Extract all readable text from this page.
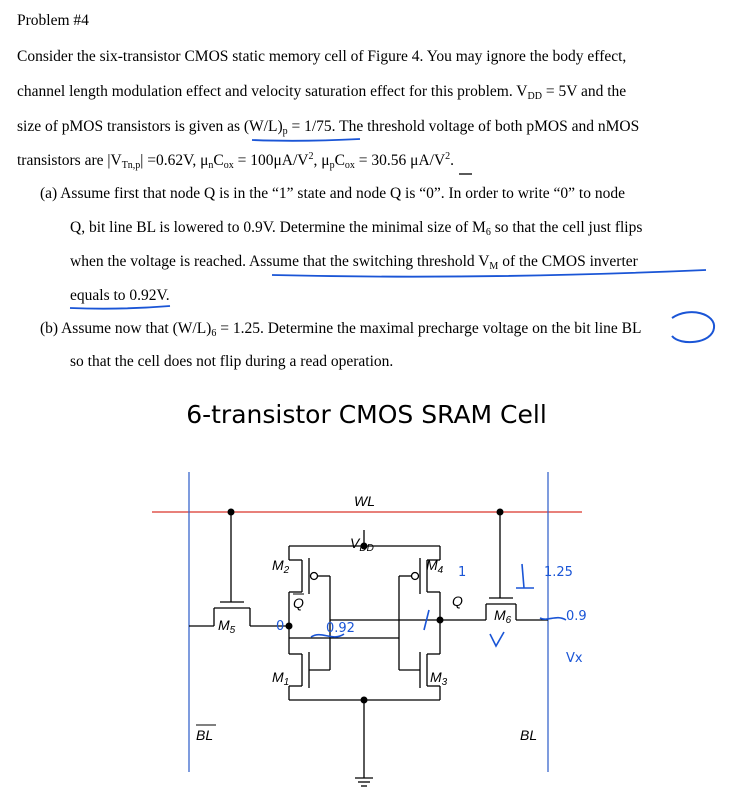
Problem #4
Consider the six-transistor CMOS static memory cell of Figure 4. You may ignore the body effect,
channel length modulation effect and velocity saturation effect for this problem. $V_{DD} = 5V$ and the
size of pMOS transistors is given as $(W/L)_p = 1/75$. The threshold voltage of both pMOS and nMOS
transistors are $|V_{Tn,p}| =0.62V$, $\mu_nC_{ox} = 100\mu A/V^2$, $\mu_pC_{ox} = 30.56$ $\mu A/V^2$.
(a) Assume first that node Q is in the “1” state and node Q is “0”. In order to write “0” to node
Q, bit line BL is lowered to 0.9V. Determine the minimal size of $M_6$ so that the cell just flips
when the voltage is reached. Assume that the switching threshold $V_M$ of the CMOS inverter
equals to 0.92V.
(b) Assume now that $(W/L)_6 = 1.25$. Determine the maximal precharge voltage on the bit line BL
so that the cell does not flip during a read operation.
6-transistor CMOS SRAM Cell
WL
$V_{DD}$
$M_2$	$M_4$
$M_5$
$M_6$
$M_1$	$M_3$
Q
Q
BL	BL
1.25
0.9
Vx
0.92
0
1
